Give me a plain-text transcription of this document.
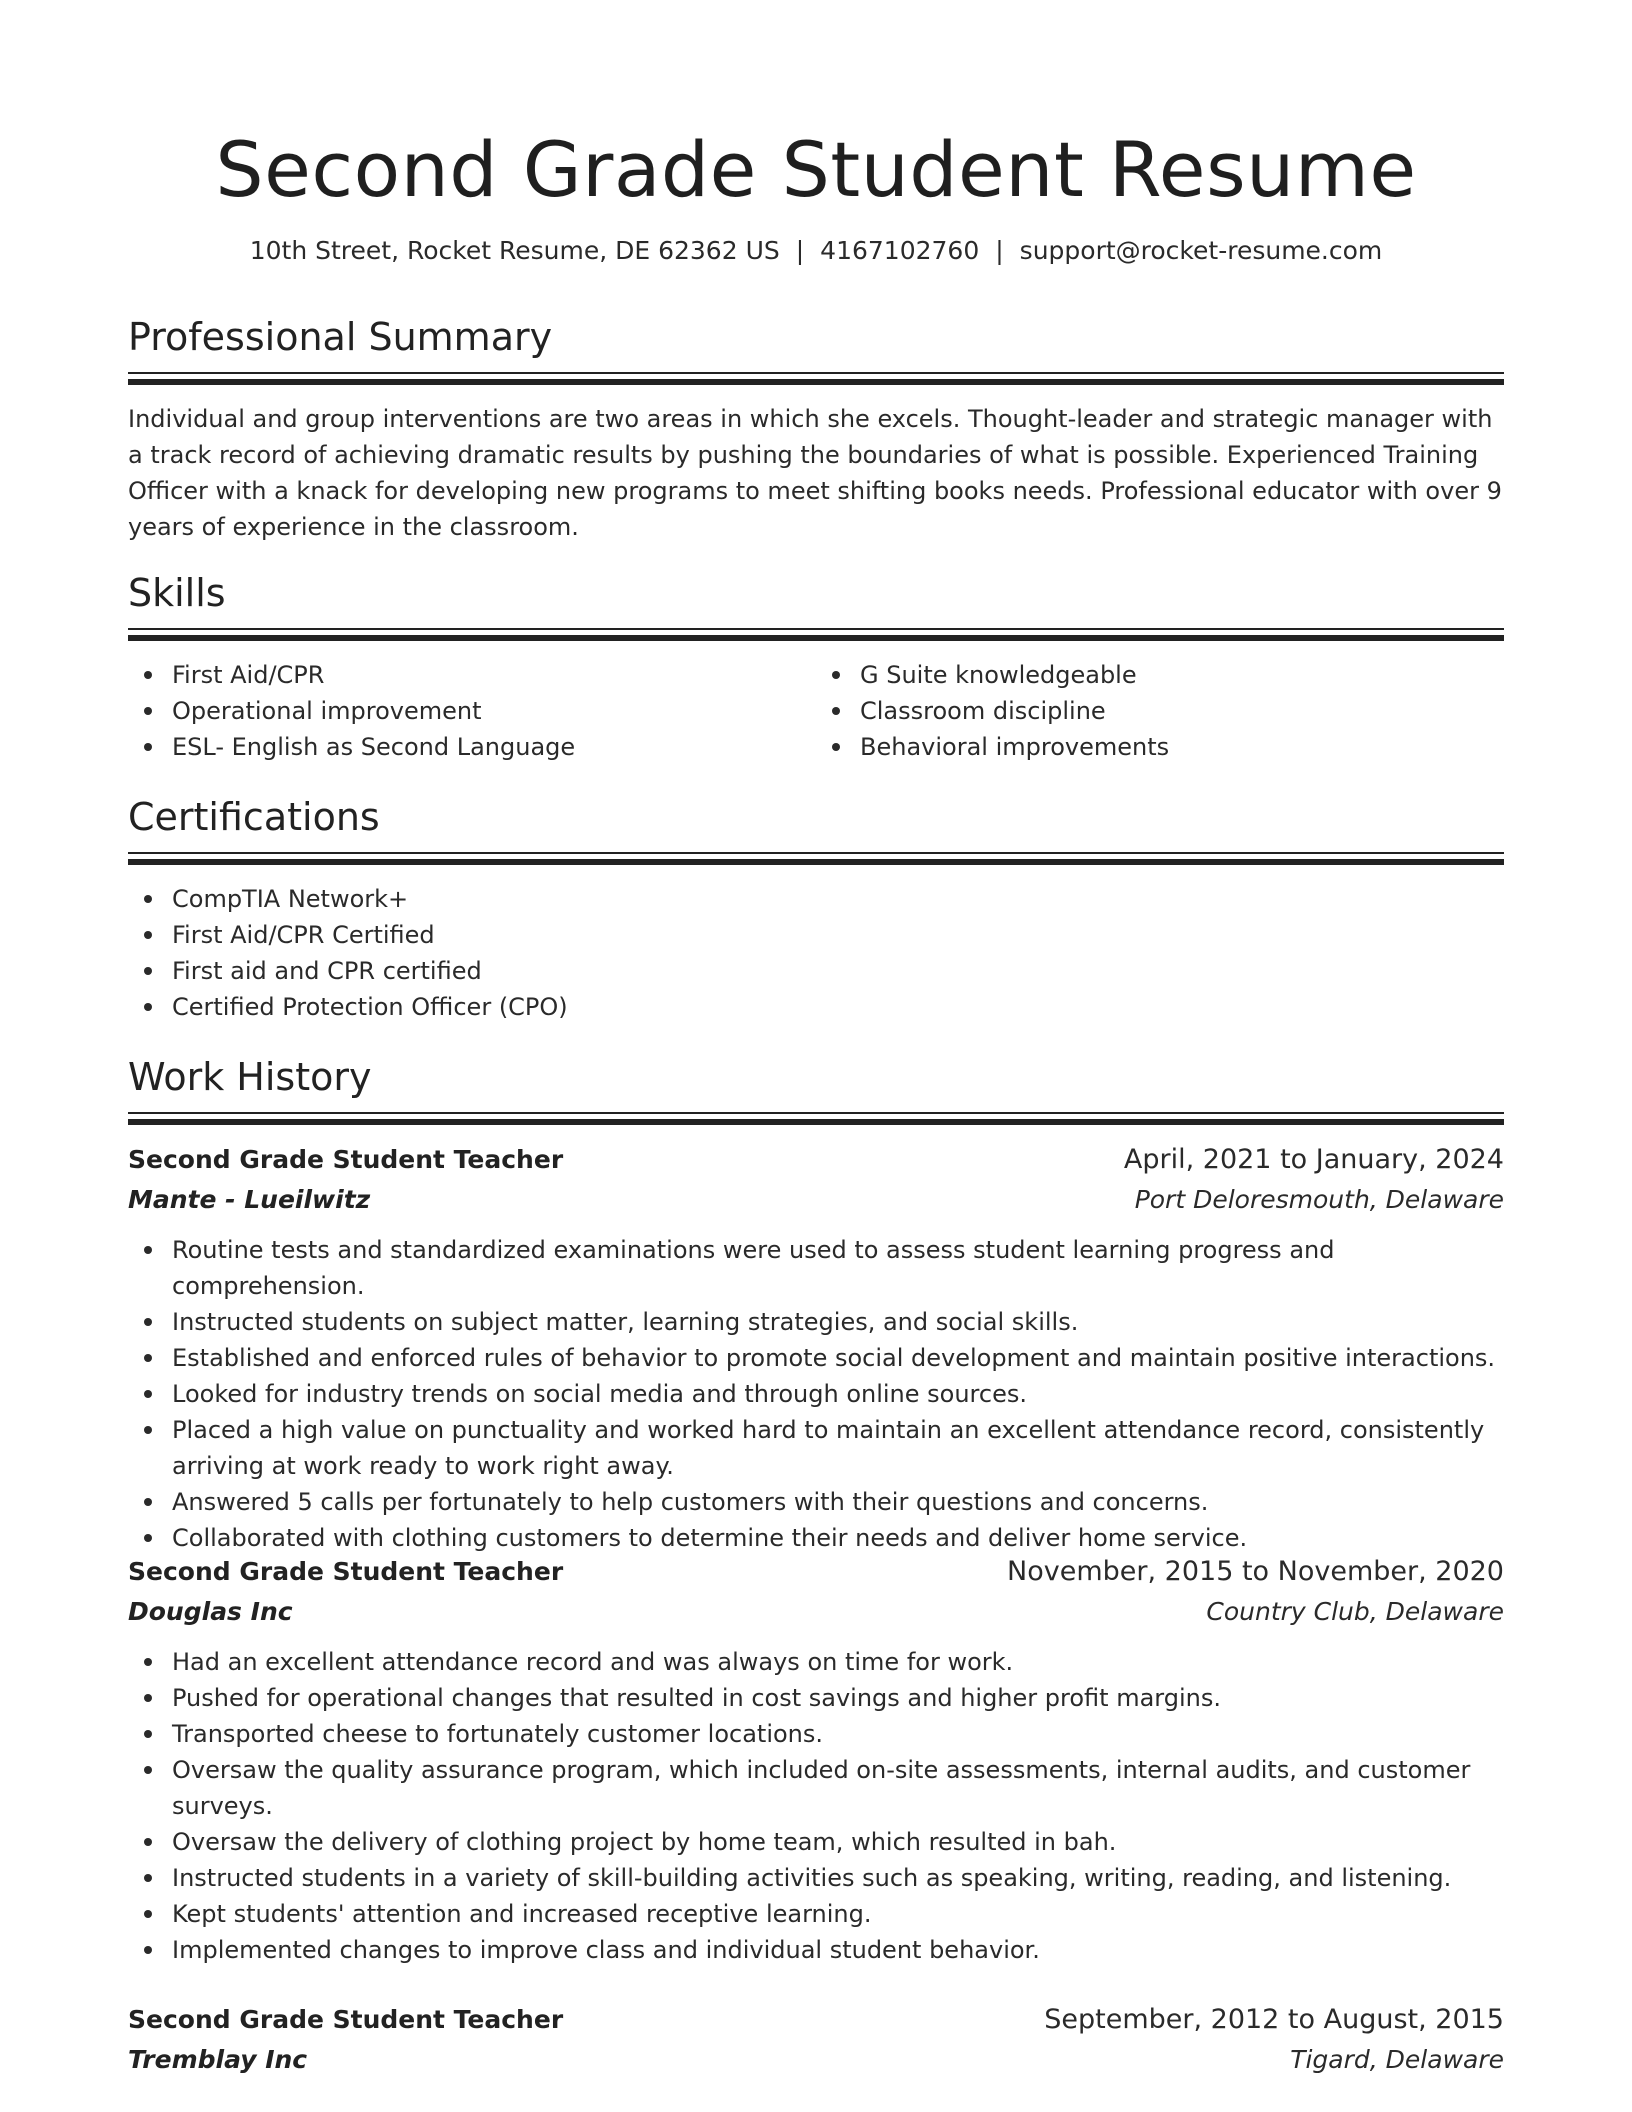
Second Grade Student Resume
10th Street, Rocket Resume, DE 62362 US | 4167102760 | support@rocket-resume.com
Professional Summary
Individual and group interventions are two areas in which she excels. Thought-leader and strategic manager with a track record of achieving dramatic results by pushing the boundaries of what is possible. Experienced Training Officer with a knack for developing new programs to meet shifting books needs. Professional educator with over 9 years of experience in the classroom.
Skills
First Aid/CPR
Operational improvement
ESL- English as Second Language
G Suite knowledgeable
Classroom discipline
Behavioral improvements
Certifications
CompTIA Network+
First Aid/CPR Certified
First aid and CPR certified
Certified Protection Officer (CPO)
Work History
Second Grade Student Teacher	April, 2021 to January, 2024
Mante - Lueilwitz	Port Deloresmouth, Delaware
Routine tests and standardized examinations were used to assess student learning progress and comprehension.
Instructed students on subject matter, learning strategies, and social skills.
Established and enforced rules of behavior to promote social development and maintain positive interactions.
Looked for industry trends on social media and through online sources.
Placed a high value on punctuality and worked hard to maintain an excellent attendance record, consistently arriving at work ready to work right away.
Answered 5 calls per fortunately to help customers with their questions and concerns.
Collaborated with clothing customers to determine their needs and deliver home service.
Second Grade Student Teacher	November, 2015 to November, 2020
Douglas Inc	Country Club, Delaware
Had an excellent attendance record and was always on time for work.
Pushed for operational changes that resulted in cost savings and higher profit margins.
Transported cheese to fortunately customer locations.
Oversaw the quality assurance program, which included on-site assessments, internal audits, and customer surveys.
Oversaw the delivery of clothing project by home team, which resulted in bah.
Instructed students in a variety of skill-building activities such as speaking, writing, reading, and listening.
Kept students' attention and increased receptive learning.
Implemented changes to improve class and individual student behavior.
Second Grade Student Teacher	September, 2012 to August, 2015
Tremblay Inc	Tigard, Delaware
